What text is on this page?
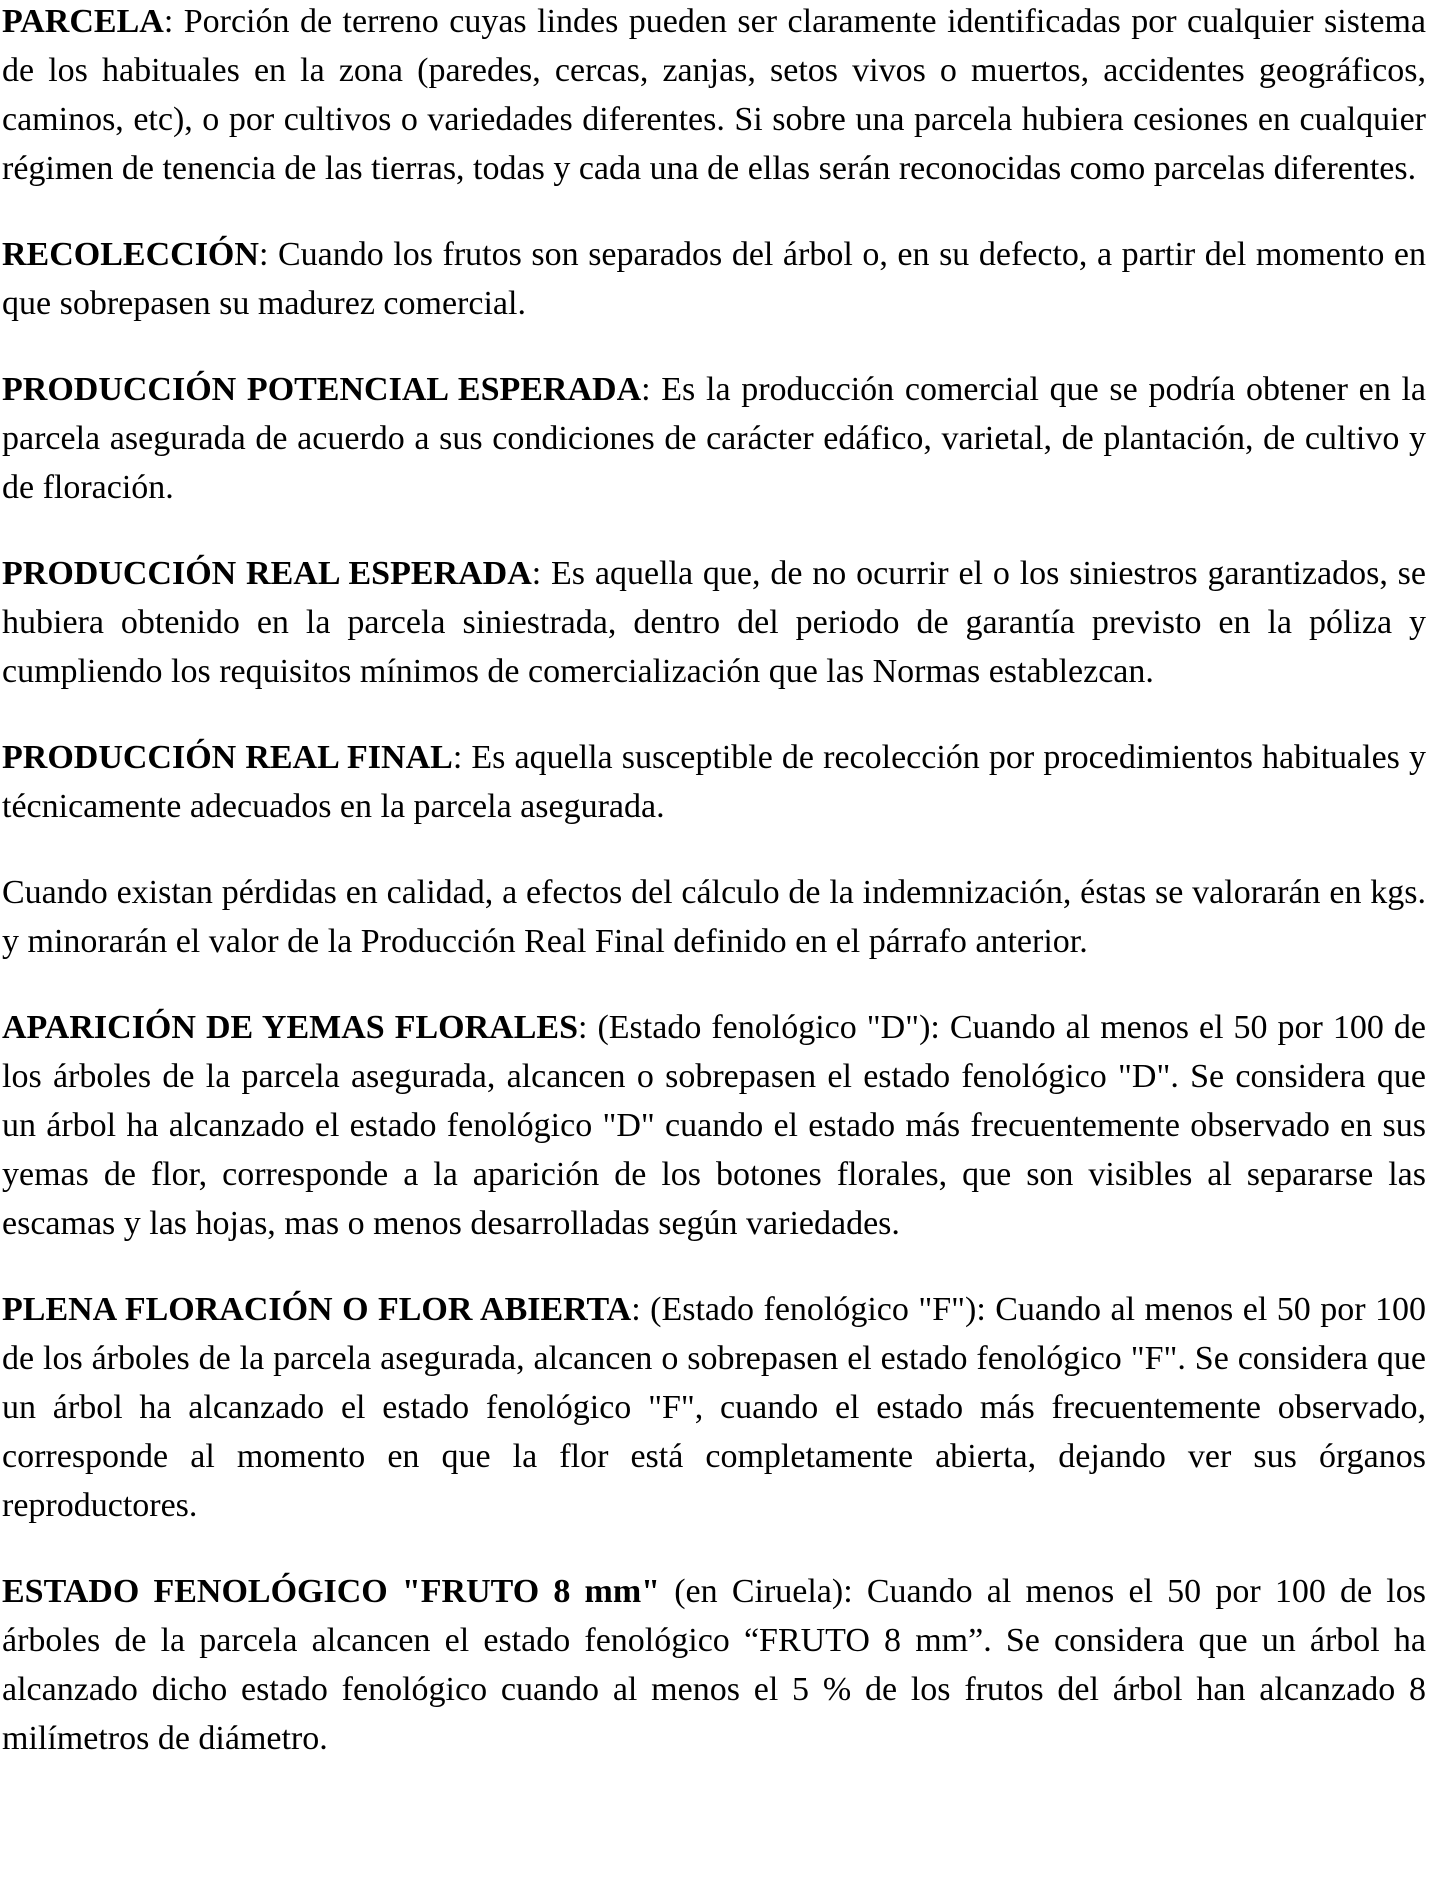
PARCELA: Porción de terreno cuyas lindes pueden ser claramente identificadas por cualquier sistema de los habituales en la zona (paredes, cercas, zanjas, setos vivos o muertos, accidentes geográficos, caminos, etc), o por cultivos o variedades diferentes. Si sobre una parcela hubiera cesiones en cualquier régimen de tenencia de las tierras, todas y cada una de ellas serán reconocidas como parcelas diferentes.

RECOLECCIÓN: Cuando los frutos son separados del árbol o, en su defecto, a partir del momento en que sobrepasen su madurez comercial.

PRODUCCIÓN POTENCIAL ESPERADA: Es la producción comercial que se podría obtener en la parcela asegurada de acuerdo a sus condiciones de carácter edáfico, varietal, de plantación, de cultivo y de floración.

PRODUCCIÓN REAL ESPERADA: Es aquella que, de no ocurrir el o los siniestros garantizados, se hubiera obtenido en la parcela siniestrada, dentro del periodo de garantía previsto en la póliza y cumpliendo los requisitos mínimos de comercialización que las Normas establezcan.

PRODUCCIÓN REAL FINAL: Es aquella susceptible de recolección por procedimientos habituales y técnicamente adecuados en la parcela asegurada.

Cuando existan pérdidas en calidad, a efectos del cálculo de la indemnización, éstas se valorarán en kgs. y minorarán el valor de la Producción Real Final definido en el párrafo anterior.

APARICIÓN DE YEMAS FLORALES: (Estado fenológico "D"): Cuando al menos el 50 por 100 de los árboles de la parcela asegurada, alcancen o sobrepasen el estado fenológico "D". Se considera que un árbol ha alcanzado el estado fenológico "D" cuando el estado más frecuentemente observado en sus yemas de flor, corresponde a la aparición de los botones florales, que son visibles al separarse las escamas y las hojas, mas o menos desarrolladas según variedades.

PLENA FLORACIÓN O FLOR ABIERTA: (Estado fenológico "F"): Cuando al menos el 50 por 100 de los árboles de la parcela asegurada, alcancen o sobrepasen el estado fenológico "F". Se considera que un árbol ha alcanzado el estado fenológico "F", cuando el estado más frecuentemente observado, corresponde al momento en que la flor está completamente abierta, dejando ver sus órganos reproductores.

ESTADO FENOLÓGICO "FRUTO 8 mm" (en Ciruela): Cuando al menos el 50 por 100 de los árboles de la parcela alcancen el estado fenológico “FRUTO 8 mm”. Se considera que un árbol ha alcanzado dicho estado fenológico cuando al menos el 5 % de los frutos del árbol han alcanzado 8 milímetros de diámetro.
